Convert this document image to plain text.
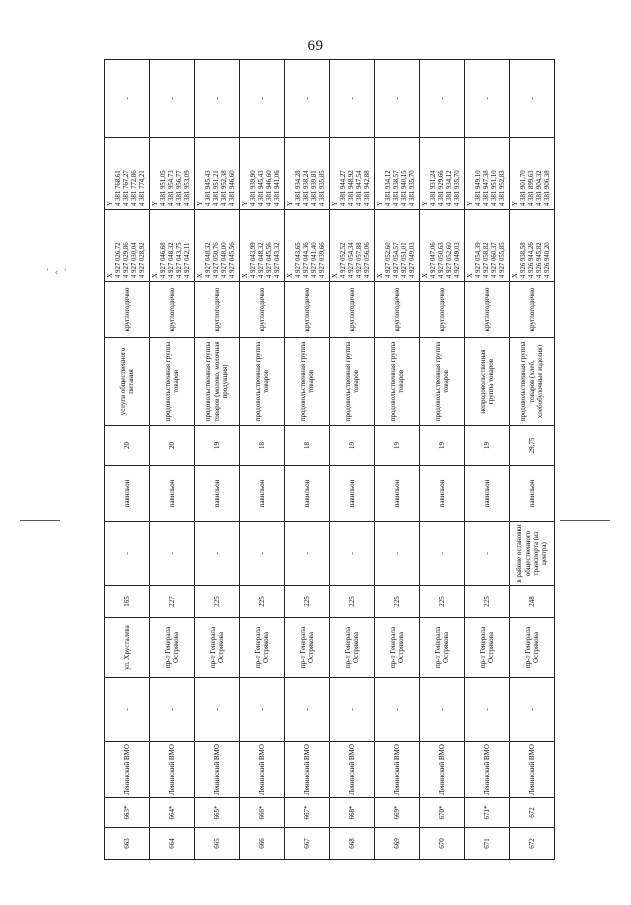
69
’  ‹  '
663	663*	Ленинский ВМО	-	ул. Хрусталева	165	-	павильон	20	услуги общественного питания	круглогодично	Х 4 927 026,72 4 927 029,86 4 927 030,04 4 927 028,92	Y 4 381 768,61 4 381 767,27 4 381 772,86 4 381 774,21	-
664	664*	Ленинский ВМО	-	пр-т Генерала Острякова	227	-	павильон	20	продовольственная группа товаров	круглогодично	Х 4 927 046,68 4 927 048,32 4 927 043,75 4 927 042,11	Y 4 381 951,05 4 381 954,73 4 381 956,77 4 381 953,09	-
665	665*	Ленинский ВМО	-	пр-т Генерала Острякова	225	-	павильон	19	продовольственная группа товаров (молоко, молочная продукция)	круглогодично	Х 4 927 048,32 4 927 050,76 4 927 048,00 4 927 045,56	Y 4 381 945,43 4 381 951,21 4 381 952,38 4 381 946,60	-
666	666*	Ленинский ВМО	-	пр-т Генерала Острякова	225	-	павильон	18	продовольственная группа товаров	круглогодично	Х 4 927 043,99 4 927 048,32 4 927 045,56 4 927 043,32	Y 4 381 939,90 4 381 945,43 4 381 946,60 4 381 941,06	-
667	667*	Ленинский ВМО	-	пр-т Генерала Острякова	225	-	павильон	18	продовольственная группа товаров	круглогодично	Х 4 927 043,65 4 927 044,36 4 927 041,40 4 927 039,66	Y 4 381 934,28 4 381 938,24 4 381 939,81 4 381 935,85	-
668	668*	Ленинский ВМО	-	пр-т Генерала Острякова	225	-	павильон	19	продовольственная группа товаров	круглогодично	Х 4 927 052,52 4 927 054,34 4 927 057,88 4 927 056,06	Y 4 381 944,27 4 381 948,92 4 381 947,54 4 381 942,88	-
669	669*	Ленинский ВМО	-	пр-т Генерала Острякова	225	-	павильон	19	продовольственная группа товаров	круглогодично	Х 4 927 052,60 4 927 054,57 4 927 051,01 4 927 049,03	Y 4 381 934,12 4 381 938,57 4 381 940,15 4 381 935,70	-
670	670*	Ленинский ВМО	-	пр-т Генерала Острякова	225	-	павильон	19	продовольственная группа товаров	круглогодично	Х 4 927 047,06 4 927 050,63 4 927 052,60 4 927 049,03	Y 4 381 931,24 4 381 929,66 4 381 934,12 4 381 935,70	-
671	671*	Ленинский ВМО	-	пр-т Генерала Острякова	225	-	павильон	19	непродовольственная группа товаров	круглогодично	Х 4 927 054,39 4 927 058,82 4 927 060,37 4 927 055,85	Y 4 381 949,10 4 381 947,38 4 381 951,10 4 381 952,83	-
672	672	Ленинский ВМО	-	пр-т Генерала Острякова	248	в районе остановки общественного транспорта (из центра)	павильон	29,75	продовольственная группа товаров (хлеб, хлебобулочные изделия)	круглогодично	Х 4 926 938,58 4 926 944,26 4 926 945,82 4 926 940,20	Y 4 381 901,70 4 381 899,63 4 381 904,32 4 381 906,38	-
